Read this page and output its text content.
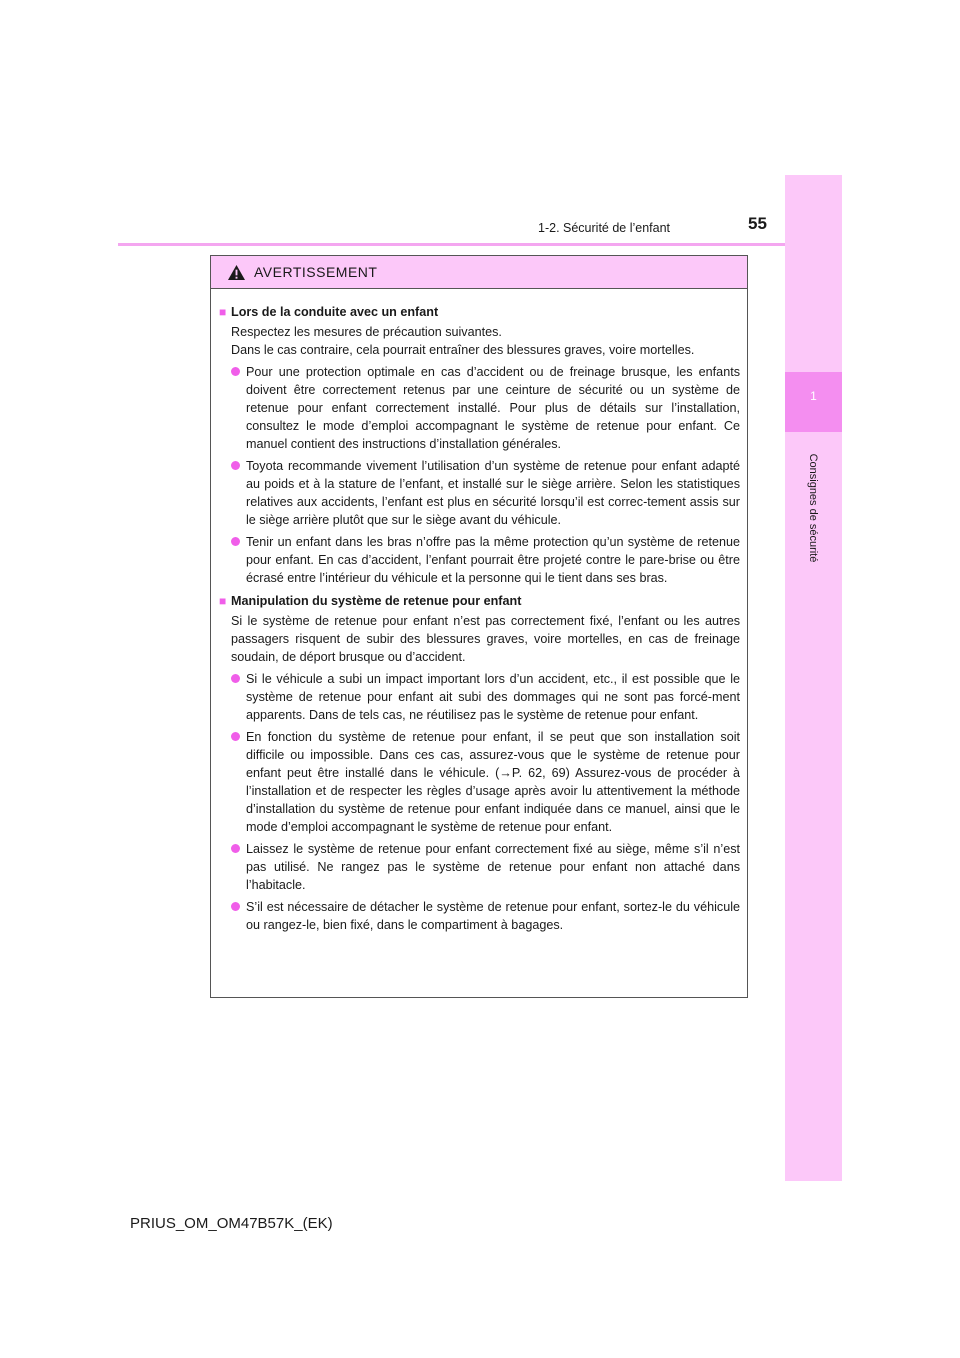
1-2. Sécurité de l’enfant	55
1
Consignes de sécurité
AVERTISSEMENT
■ Lors de la conduite avec un enfant
Respectez les mesures de précaution suivantes.
Dans le cas contraire, cela pourrait entraîner des blessures graves, voire mortelles.
Pour une protection optimale en cas d’accident ou de freinage brusque, les enfants doivent être correctement retenus par une ceinture de sécurité ou un système de retenue pour enfant correctement installé. Pour plus de détails sur l’installation, consultez le mode d’emploi accompagnant le système de retenue pour enfant. Ce manuel contient des instructions d’installation générales.
Toyota recommande vivement l’utilisation d’un système de retenue pour enfant adapté au poids et à la stature de l’enfant, et installé sur le siège arrière. Selon les statistiques relatives aux accidents, l’enfant est plus en sécurité lorsqu’il est correc-tement assis sur le siège arrière plutôt que sur le siège avant du véhicule.
Tenir un enfant dans les bras n’offre pas la même protection qu’un système de retenue pour enfant. En cas d’accident, l’enfant pourrait être projeté contre le pare-brise ou être écrasé entre l’intérieur du véhicule et la personne qui le tient dans ses bras.
■ Manipulation du système de retenue pour enfant
Si le système de retenue pour enfant n’est pas correctement fixé, l’enfant ou les autres passagers risquent de subir des blessures graves, voire mortelles, en cas de freinage soudain, de déport brusque ou d’accident.
Si le véhicule a subi un impact important lors d’un accident, etc., il est possible que le système de retenue pour enfant ait subi des dommages qui ne sont pas forcé-ment apparents. Dans de tels cas, ne réutilisez pas le système de retenue pour enfant.
En fonction du système de retenue pour enfant, il se peut que son installation soit difficile ou impossible. Dans ces cas, assurez-vous que le système de retenue pour enfant peut être installé dans le véhicule. (→P. 62, 69) Assurez-vous de procéder à l’installation et de respecter les règles d’usage après avoir lu attentivement la méthode d’installation du système de retenue pour enfant indiquée dans ce manuel, ainsi que le mode d’emploi accompagnant le système de retenue pour enfant.
Laissez le système de retenue pour enfant correctement fixé au siège, même s’il n’est pas utilisé. Ne rangez pas le système de retenue pour enfant non attaché dans l’habitacle.
S’il est nécessaire de détacher le système de retenue pour enfant, sortez-le du véhicule ou rangez-le, bien fixé, dans le compartiment à bagages.
PRIUS_OM_OM47B57K_(EK)
